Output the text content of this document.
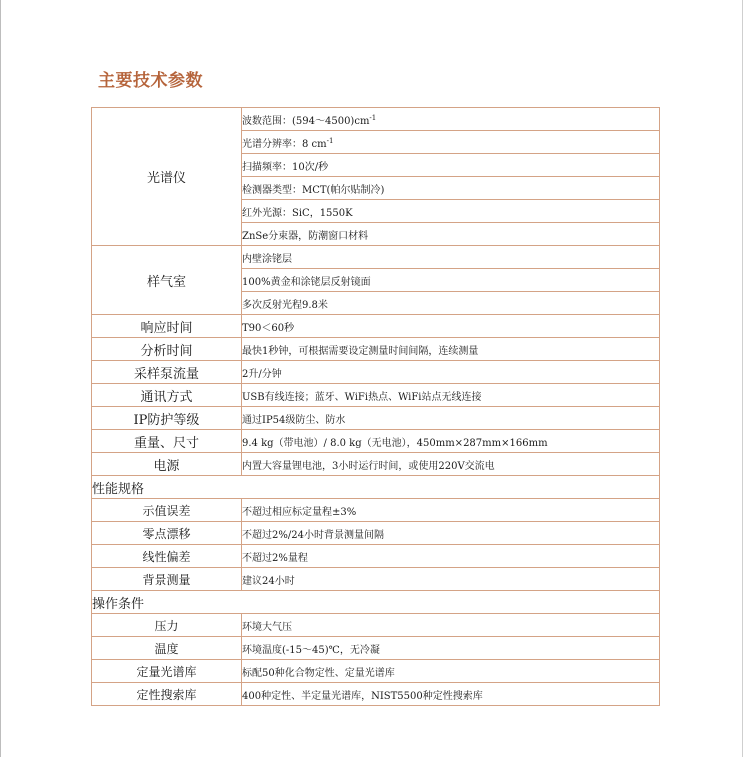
主要技术参数
光谱仪	波数范围：$(594\sim 4500)cm^{-1}$
	光谱分辨率：8 $cm^{-1}$
	扫描频率：10次/秒
	检测器类型：MCT(帕尔贴制冷)
	红外光源：SiC，1550K
	ZnSe分束器，防潮窗口材料
样气室	内壁涂铑层
	100%黄金和涂铑层反射镜面
	多次反射光程9.8米
响应时间	T90＜60秒
分析时间	最快1秒钟，可根据需要设定测量时间间隔，连续测量
采样泵流量	2升/分钟
通讯方式	USB有线连接；蓝牙、WiFi热点、WiFi站点无线连接
IP防护等级	通过IP54级防尘、防水
重量、尺寸	9.4 kg（带电池）/ 8.0 kg（无电池），450mm×287mm×166mm
电源	内置大容量锂电池，3小时运行时间，或使用220V交流电
性能规格	
示值误差	不超过相应标定量程±3%
零点漂移	不超过2%/24小时背景测量间隔
线性偏差	不超过2%量程
背景测量	建议24小时
操作条件	
压力	环境大气压
温度	环境温度(-15～45)℃，无冷凝
定量光谱库	标配50种化合物定性、定量光谱库
定性搜索库	400种定性、半定量光谱库，NIST5500种定性搜索库
